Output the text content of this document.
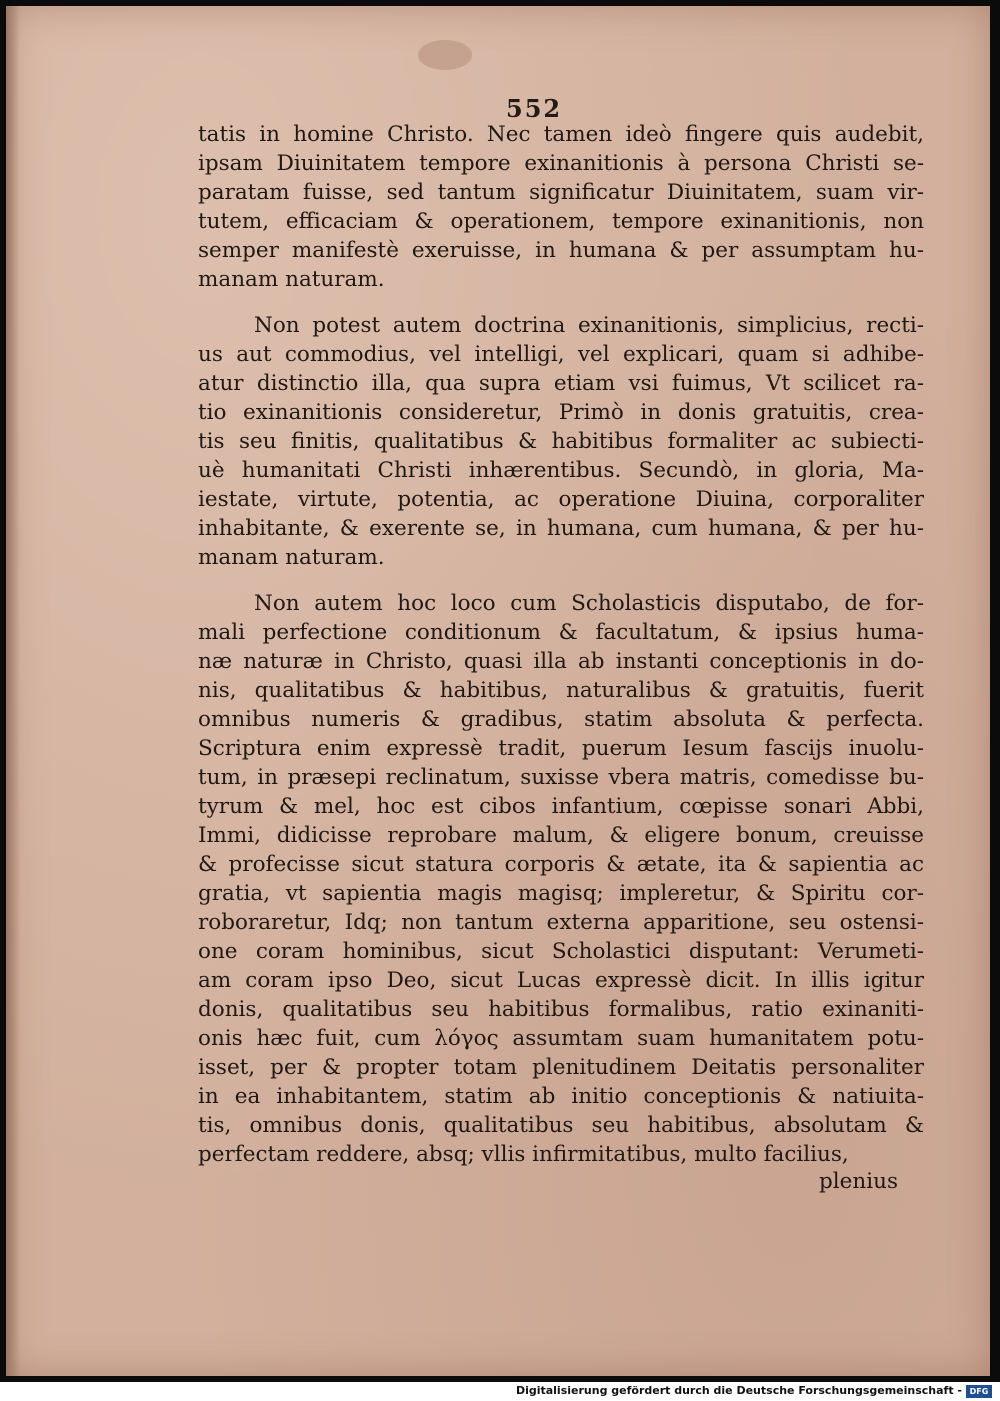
552
tatis in homine Christo. Nec tamen ideò fingere quis audebit,
ipsam Diuinitatem tempore exinanitionis à persona Christi se-
paratam fuisse, sed tantum significatur Diuinitatem, suam vir-
tutem, efficaciam & operationem, tempore exinanitionis, non
semper manifestè exeruisse, in humana & per assumptam hu-
manam naturam.
Non potest autem doctrina exinanitionis, simplicius, recti-
us aut commodius, vel intelligi, vel explicari, quam si adhibe-
atur distinctio illa, qua supra etiam vsi fuimus, Vt scilicet ra-
tio exinanitionis consideretur, Primò in donis gratuitis, crea-
tis seu finitis, qualitatibus & habitibus formaliter ac subiecti-
uè humanitati Christi inhærentibus. Secundò, in gloria, Ma-
iestate, virtute, potentia, ac operatione Diuina, corporaliter
inhabitante, & exerente se, in humana, cum humana, & per hu-
manam naturam.
Non autem hoc loco cum Scholasticis disputabo, de for-
mali perfectione conditionum & facultatum, & ipsius huma-
næ naturæ in Christo, quasi illa ab instanti conceptionis in do-
nis, qualitatibus & habitibus, naturalibus & gratuitis, fuerit
omnibus numeris & gradibus, statim absoluta & perfecta.
Scriptura enim expressè tradit, puerum Iesum fascijs inuolu-
tum, in præsepi reclinatum, suxisse vbera matris, comedisse bu-
tyrum & mel, hoc est cibos infantium, cœpisse sonari Abbi,
Immi, didicisse reprobare malum, & eligere bonum, creuisse
& profecisse sicut statura corporis & ætate, ita & sapientia ac
gratia, vt sapientia magis magisq; impleretur, & Spiritu cor-
roboraretur, Idq; non tantum externa apparitione, seu ostensi-
one coram hominibus, sicut Scholastici disputant: Verumeti-
am coram ipso Deo, sicut Lucas expressè dicit. In illis igitur
donis, qualitatibus seu habitibus formalibus, ratio exinaniti-
onis hæc fuit, cum λόγος assumtam suam humanitatem potu-
isset, per & propter totam plenitudinem Deitatis personaliter
in ea inhabitantem, statim ab initio conceptionis & natiuita-
tis, omnibus donis, qualitatibus seu habitibus, absolutam &
perfectam reddere, absq; vllis infirmitatibus, multo facilius,
plenius
Digitalisierung gefördert durch die Deutsche Forschungsgemeinschaft - DFG
